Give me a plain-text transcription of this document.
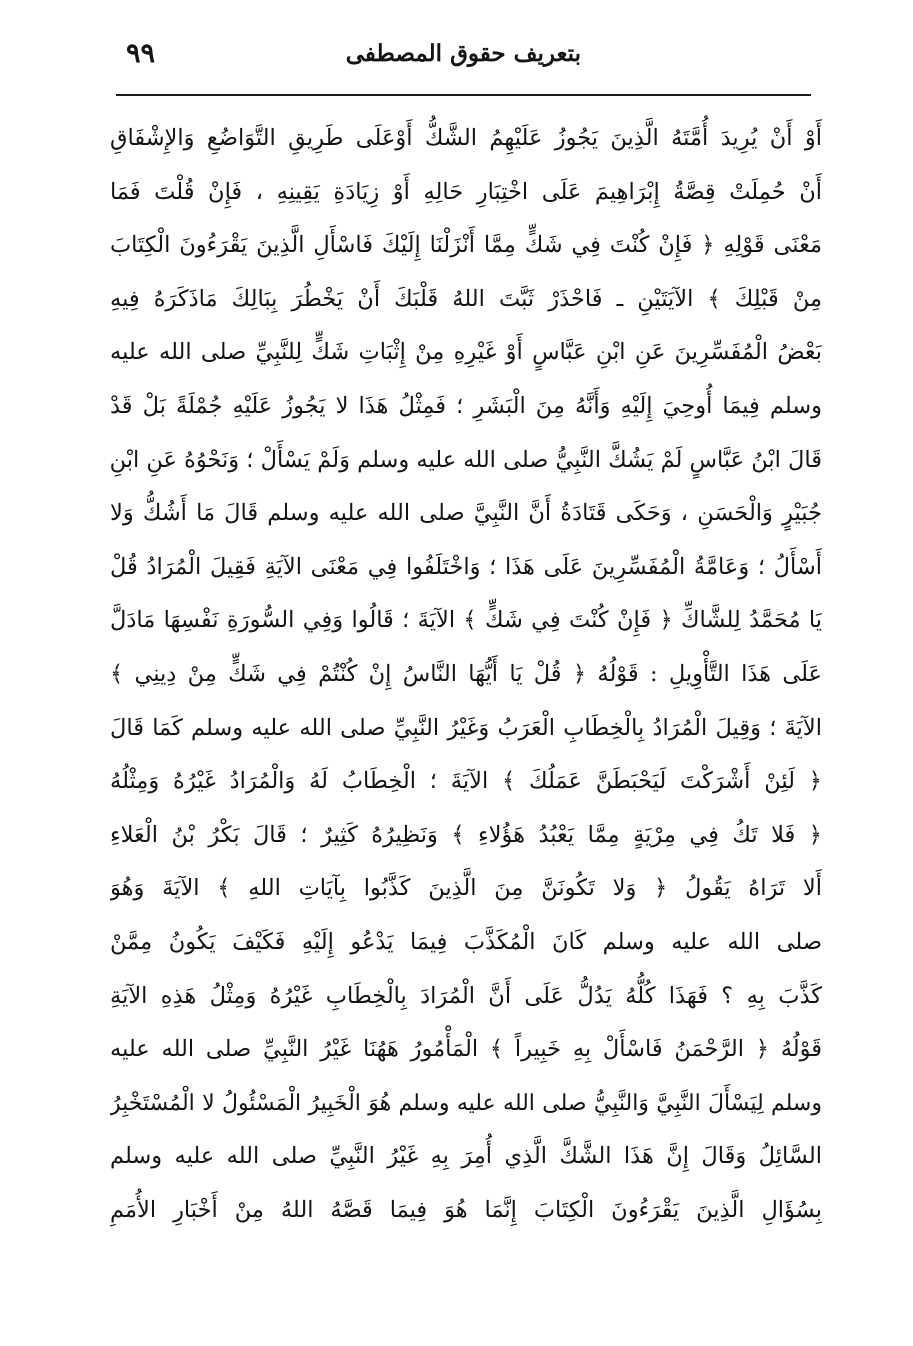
بتعريف حقوق المصطفى
٩٩
أَوْ أَنْ يُرِيدَ أُمَّتَهُ الَّذِينَ يَجُوزُ عَلَيْهِمُ الشَّكُّ أَوْعَلَى طَرِيقِ التَّوَاضُعِ وَالإِشْفَاقِ
أَنْ حُمِلَتْ قِصَّةُ إِبْرَاهِيمَ عَلَى اخْتِبَارِ حَالِهِ أَوْ زِيَادَةِ يَقِينِهِ ، فَإِنْ قُلْتَ فَمَا
مَعْنَى قَوْلِهِ ﴿ فَإِنْ كُنْتَ فِي شَكٍّ مِمَّا أَنْزَلْنَا إِلَيْكَ فَاسْأَلِ الَّذِينَ يَقْرَءُونَ الْكِتَابَ
مِنْ قَبْلِكَ ﴾ الآيَتَيْنِ ـ فَاحْذَرْ ثَبَّتَ اللهُ قَلْبَكَ أَنْ يَخْطُرَ بِبَالِكَ مَاذَكَرَهُ فِيهِ
بَعْضُ الْمُفَسِّرِينَ عَنِ ابْنِ عَبَّاسٍ أَوْ غَيْرِهِ مِنْ إِثْبَاتِ شَكٍّ لِلنَّبِيِّ صلى الله عليه
وسلم فِيمَا أُوحِيَ إِلَيْهِ وَأَنَّهُ مِنَ الْبَشَرِ ؛ فَمِثْلُ هَذَا لا يَجُوزُ عَلَيْهِ جُمْلَةً بَلْ قَدْ
قَالَ ابْنُ عَبَّاسٍ لَمْ يَشُكَّ النَّبِيُّ صلى الله عليه وسلم وَلَمْ يَسْأَلْ ؛ وَنَحْوُهُ عَنِ ابْنِ
جُبَيْرٍ وَالْحَسَنِ ، وَحَكَى قَتَادَةُ أَنَّ النَّبِيَّ صلى الله عليه وسلم قَالَ مَا أَشُكُّ وَلا
أَسْأَلُ ؛ وَعَامَّةُ الْمُفَسِّرِينَ عَلَى هَذَا ؛ وَاخْتَلَفُوا فِي مَعْنَى الآيَةِ فَقِيلَ الْمُرَادُ قُلْ
يَا مُحَمَّدُ لِلشَّاكِّ ﴿ فَإِنْ كُنْتَ فِي شَكٍّ ﴾ الآيَةَ ؛ قَالُوا وَفِي السُّورَةِ نَفْسِهَا مَادَلَّ
عَلَى هَذَا التَّأْوِيلِ : قَوْلُهُ ﴿ قُلْ يَا أَيُّهَا النَّاسُ إِنْ كُنْتُمْ فِي شَكٍّ مِنْ دِينِي ﴾
الآيَةَ ؛ وَقِيلَ الْمُرَادُ بِالْخِطَابِ الْعَرَبُ وَغَيْرُ النَّبِيِّ صلى الله عليه وسلم كَمَا قَالَ
﴿ لَئِنْ أَشْرَكْتَ لَيَحْبَطَنَّ عَمَلُكَ ﴾ الآيَةَ ؛ الْخِطَابُ لَهُ وَالْمُرَادُ غَيْرُهُ وَمِثْلُهُ
﴿ فَلا تَكُ فِي مِرْيَةٍ مِمَّا يَعْبُدُ هَؤُلاءِ ﴾ وَنَظِيرُهُ كَثِيرٌ ؛ قَالَ بَكْرُ بْنُ الْعَلاءِ
أَلا تَرَاهُ يَقُولُ ﴿ وَلا تَكُونَنَّ مِنَ الَّذِينَ كَذَّبُوا بِآيَاتِ اللهِ ﴾ الآيَةَ وَهُوَ
صلى الله عليه وسلم كَانَ الْمُكَذَّبَ فِيمَا يَدْعُو إِلَيْهِ فَكَيْفَ يَكُونُ مِمَّنْ
كَذَّبَ بِهِ ؟ فَهَذَا كُلُّهُ يَدُلُّ عَلَى أَنَّ الْمُرَادَ بِالْخِطَابِ غَيْرُهُ وَمِثْلُ هَذِهِ الآيَةِ
قَوْلُهُ ﴿ الرَّحْمَنُ فَاسْأَلْ بِهِ خَبِيراً ﴾ الْمَأْمُورُ هَهُنَا غَيْرُ النَّبِيِّ صلى الله عليه
وسلم لِيَسْأَلَ النَّبِيَّ وَالنَّبِيُّ صلى الله عليه وسلم هُوَ الْخَبِيرُ الْمَسْئُولُ لا الْمُسْتَخْبِرُ
السَّائِلُ وَقَالَ إِنَّ هَذَا الشَّكَّ الَّذِي أُمِرَ بِهِ غَيْرُ النَّبِيِّ صلى الله عليه وسلم
بِسُؤَالِ الَّذِينَ يَقْرَءُونَ الْكِتَابَ إِنَّمَا هُوَ فِيمَا قَصَّهُ اللهُ مِنْ أَخْبَارِ الأُمَمِ
